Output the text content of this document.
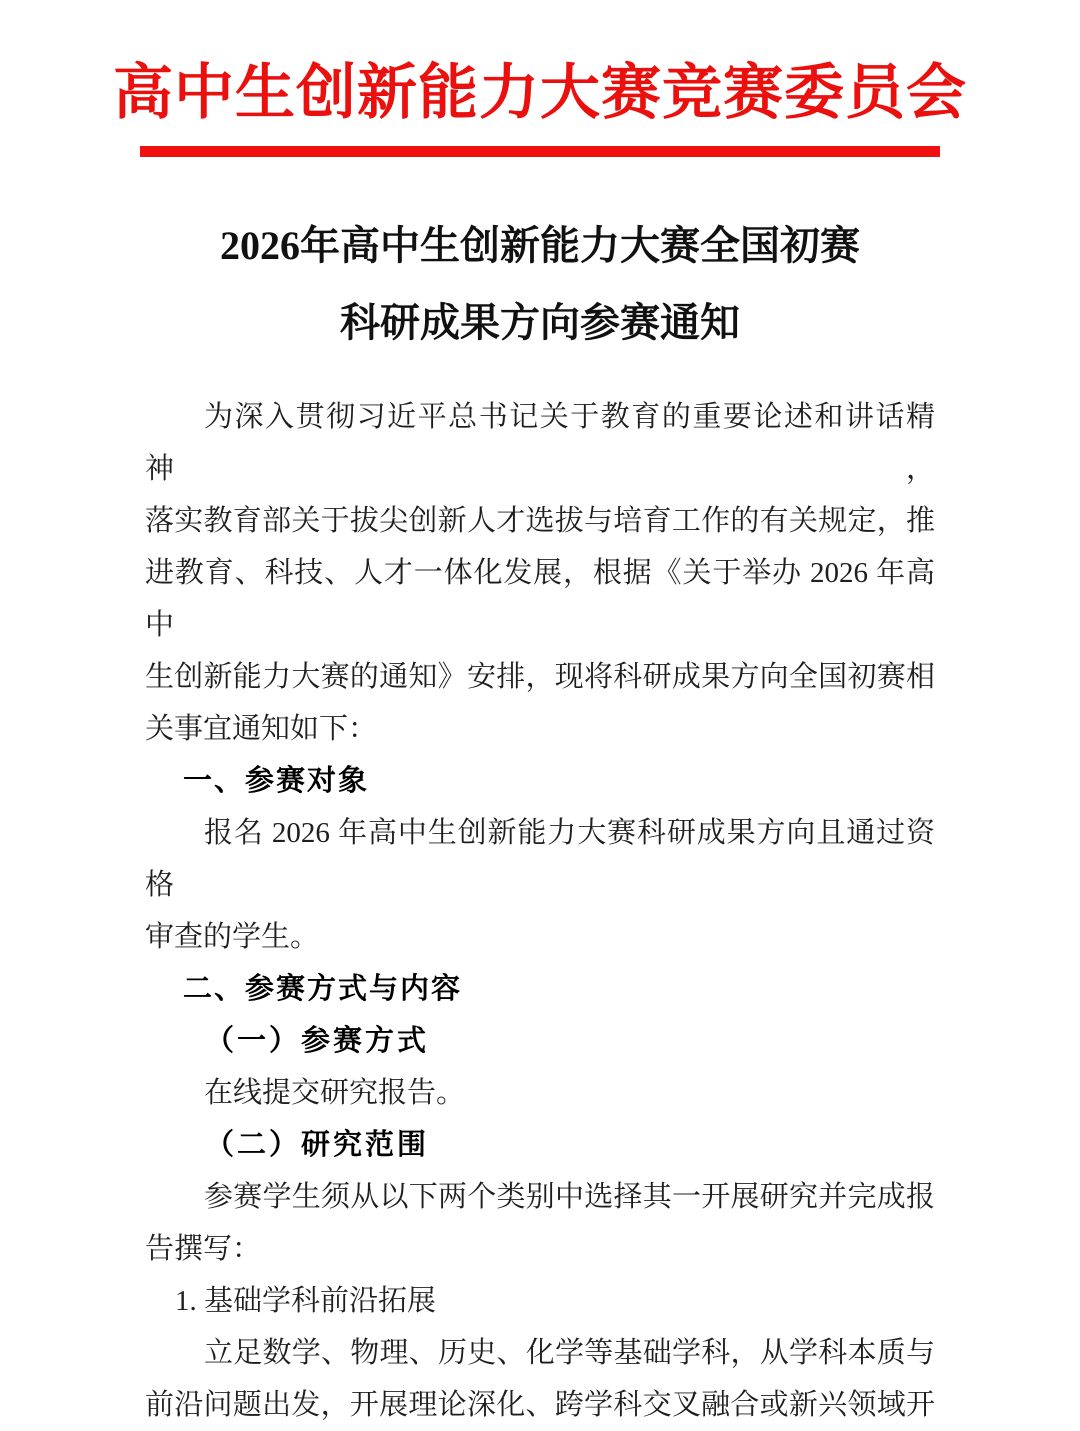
高中生创新能力大赛竞赛委员会
2026年高中生创新能力大赛全国初赛
科研成果方向参赛通知
为深入贯彻习近平总书记关于教育的重要论述和讲话精神，
落实教育部关于拔尖创新人才选拔与培育工作的有关规定，推
进教育、科技、人才一体化发展，根据《关于举办 2026 年高中
生创新能力大赛的通知》安排，现将科研成果方向全国初赛相
关事宜通知如下：
一、参赛对象
报名 2026 年高中生创新能力大赛科研成果方向且通过资格
审查的学生。
二、参赛方式与内容
（一）参赛方式
在线提交研究报告。
（二）研究范围
参赛学生须从以下两个类别中选择其一开展研究并完成报
告撰写：
1. 基础学科前沿拓展
立足数学、物理、历史、化学等基础学科，从学科本质与
前沿问题出发，开展理论深化、跨学科交叉融合或新兴领域开
